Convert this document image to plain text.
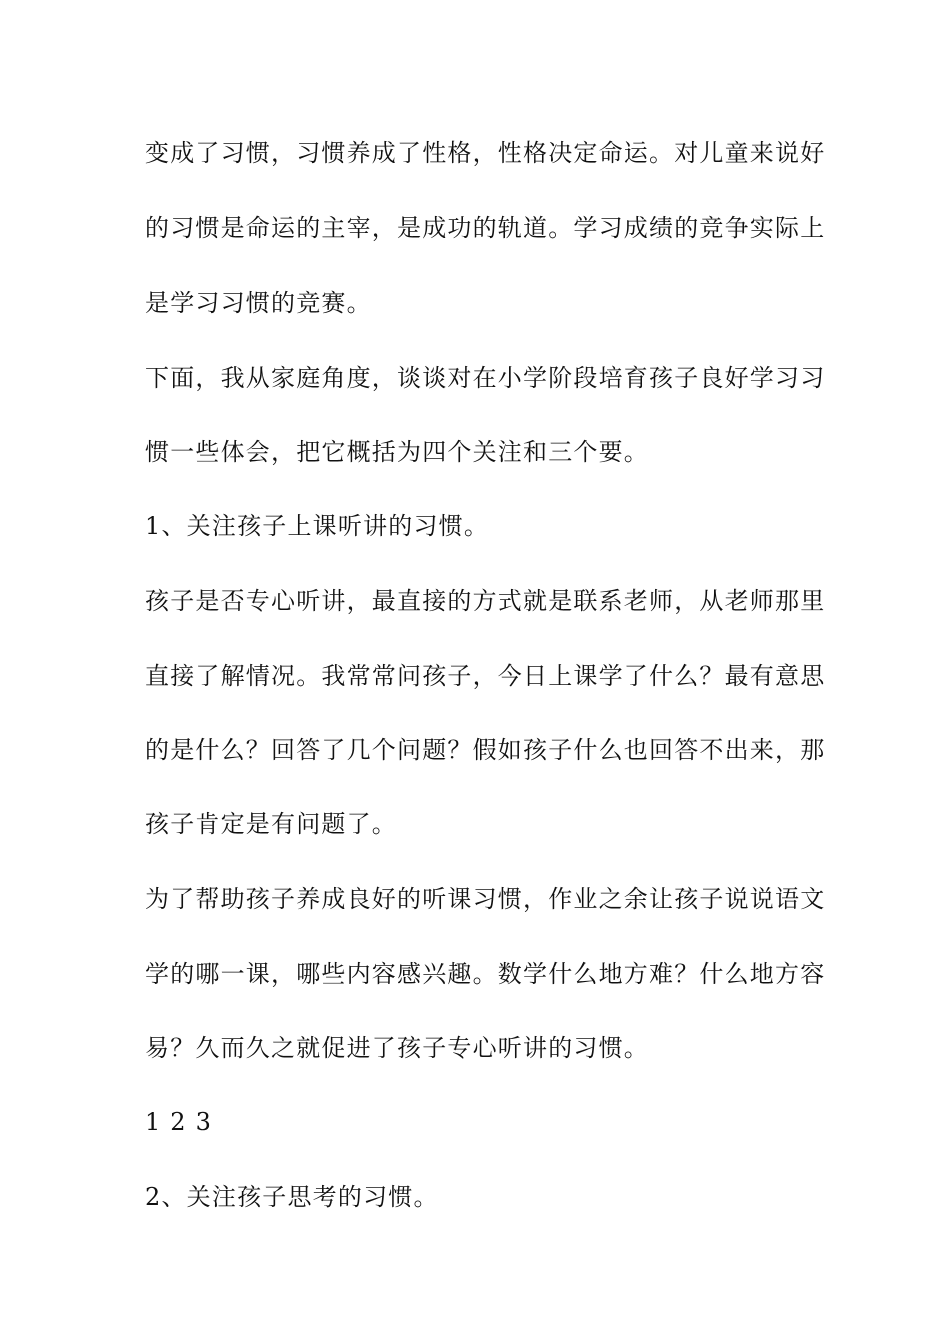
变成了习惯，习惯养成了性格，性格决定命运。对儿童来说好
的习惯是命运的主宰，是成功的轨道。学习成绩的竞争实际上
是学习习惯的竞赛。
下面，我从家庭角度，谈谈对在小学阶段培育孩子良好学习习
惯一些体会，把它概括为四个关注和三个要。
1、关注孩子上课听讲的习惯。
孩子是否专心听讲，最直接的方式就是联系老师，从老师那里
直接了解情况。我常常问孩子，今日上课学了什么？最有意思
的是什么？回答了几个问题？假如孩子什么也回答不出来，那
孩子肯定是有问题了。
为了帮助孩子养成良好的听课习惯，作业之余让孩子说说语文
学的哪一课，哪些内容感兴趣。数学什么地方难？什么地方容
易？久而久之就促进了孩子专心听讲的习惯。
1 2 3
2、关注孩子思考的习惯。
